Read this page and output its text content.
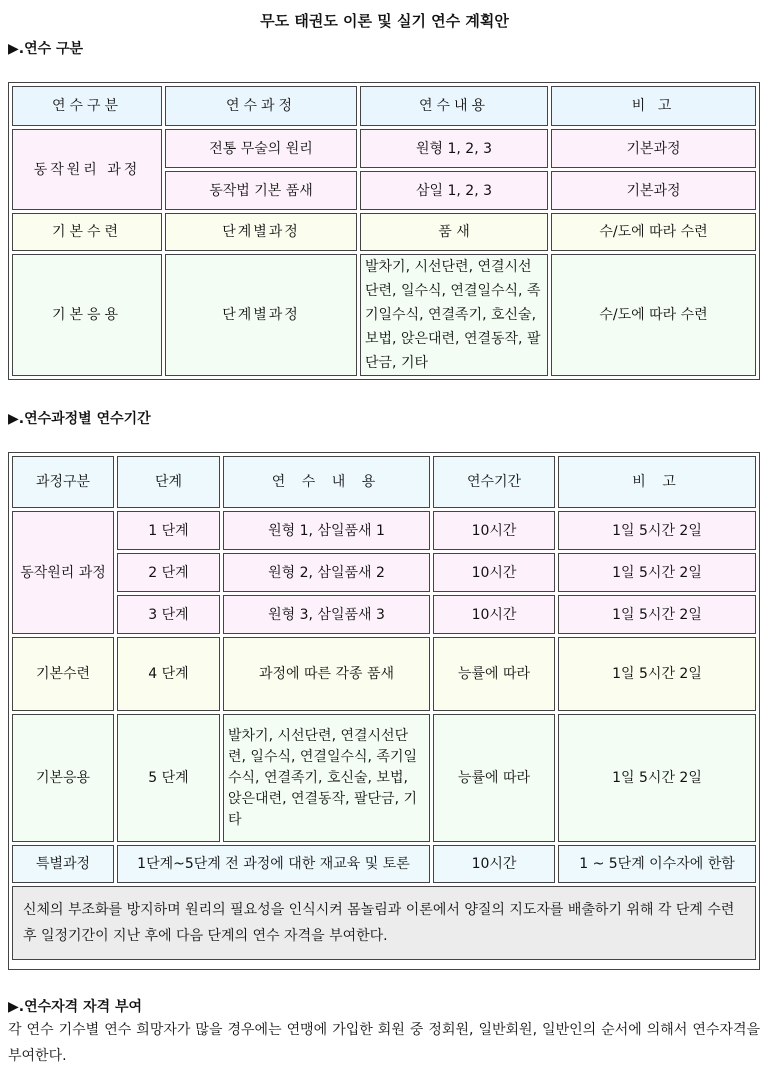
무도 태권도 이론 및 실기 연수 계획안
▶.연수 구분
연수구분	연수과정	연수내용	비 고
동작원리 과정	전통 무술의 원리	원형 1, 2, 3	기본과정
	동작법 기본 품새	삼일 1, 2, 3	기본과정
기본수련	단계별과정	품 새	수/도에 따라 수련
기본응용	단계별과정	발차기, 시선단련, 연결시선단련, 일수식, 연결일수식, 족기일수식, 연결족기, 호신술, 보법, 앉은대련, 연결동작, 팔단금, 기타	수/도에 따라 수련
▶.연수과정별 연수기간
과정구분	단계	연 수 내 용	연수기간	비 고
동작원리 과정	1 단계	원형 1, 삼일품새 1	10시간	1일 5시간 2일
	2 단계	원형 2, 삼일품새 2	10시간	1일 5시간 2일
	3 단계	원형 3, 삼일품새 3	10시간	1일 5시간 2일
기본수련	4 단계	과정에 따른 각종 품새	능률에 따라	1일 5시간 2일
기본응용	5 단계	발차기, 시선단련, 연결시선단련, 일수식, 연결일수식, 족기일수식, 연결족기, 호신술, 보법, 앉은대련, 연결동작, 팔단금, 기타	능률에 따라	1일 5시간 2일
특별과정	1단계~5단계 전 과정에 대한 재교육 및 토론		10시간	1 ~ 5단계 이수자에 한함
신체의 부조화를 방지하며 원리의 필요성을 인식시켜 몸놀림과 이론에서 양질의 지도자를 배출하기 위해 각 단계 수련후 일정기간이 지난 후에 다음 단계의 연수 자격을 부여한다.				
▶.연수자격 자격 부여
각 연수 기수별 연수 희망자가 많을 경우에는 연맹에 가입한 회원 중 정회원, 일반회원, 일반인의 순서에 의해서 연수자격을 부여한다.
